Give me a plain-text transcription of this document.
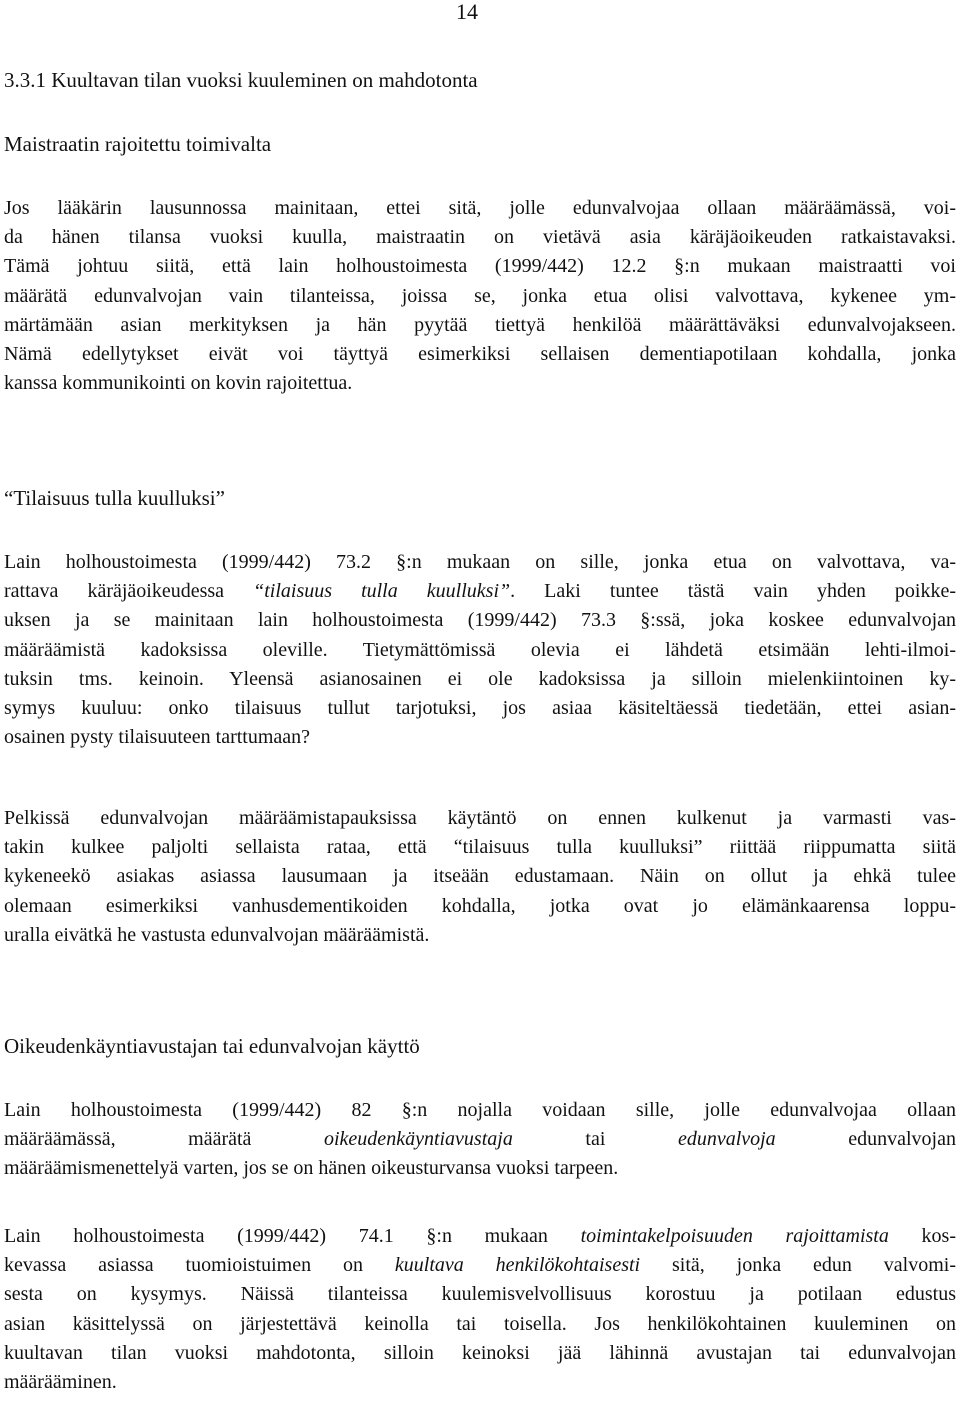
14
3.3.1 Kuultavan tilan vuoksi kuuleminen on mahdotonta
Maistraatin rajoitettu toimivalta
Jos lääkärin lausunnossa mainitaan, ettei sitä, jolle edunvalvojaa ollaan määräämässä, voi-
da hänen tilansa vuoksi kuulla, maistraatin on vietävä asia käräjäoikeuden ratkaistavaksi.
Tämä johtuu siitä, että lain holhoustoimesta (1999/442) 12.2 §:n mukaan maistraatti voi
määrätä edunvalvojan vain tilanteissa, joissa se, jonka etua olisi valvottava, kykenee ym-
märtämään asian merkityksen ja hän pyytää tiettyä henkilöä määrättäväksi edunvalvojakseen.
Nämä edellytykset eivät voi täyttyä esimerkiksi sellaisen dementiapotilaan kohdalla, jonka
kanssa kommunikointi on kovin rajoitettua.
“Tilaisuus tulla kuulluksi”
Lain holhoustoimesta (1999/442) 73.2 §:n mukaan on sille, jonka etua on valvottava, va-
rattava käräjäoikeudessa “tilaisuus tulla kuulluksi”. Laki tuntee tästä vain yhden poikke-
uksen ja se mainitaan lain holhoustoimesta (1999/442) 73.3 §:ssä, joka koskee edunvalvojan
määräämistä kadoksissa oleville. Tietymättömissä olevia ei lähdetä etsimään lehti-ilmoi-
tuksin tms. keinoin. Yleensä asianosainen ei ole kadoksissa ja silloin mielenkiintoinen ky-
symys kuuluu: onko tilaisuus tullut tarjotuksi, jos asiaa käsiteltäessä tiedetään, ettei asian-
osainen pysty tilaisuuteen tarttumaan?
Pelkissä edunvalvojan määräämistapauksissa käytäntö on ennen kulkenut ja varmasti vas-
takin kulkee paljolti sellaista rataa, että “tilaisuus tulla kuulluksi” riittää riippumatta siitä
kykeneekö asiakas asiassa lausumaan ja itseään edustamaan. Näin on ollut ja ehkä tulee
olemaan esimerkiksi vanhusdementikoiden kohdalla, jotka ovat jo elämänkaarensa loppu-
uralla eivätkä he vastusta edunvalvojan määräämistä.
Oikeudenkäyntiavustajan tai edunvalvojan käyttö
Lain holhoustoimesta (1999/442) 82 §:n nojalla voidaan sille, jolle edunvalvojaa ollaan
määräämässä, määrätä oikeudenkäyntiavustaja tai edunvalvoja edunvalvojan
määräämismenettelyä varten, jos se on hänen oikeusturvansa vuoksi tarpeen.
Lain holhoustoimesta (1999/442) 74.1 §:n mukaan toimintakelpoisuuden rajoittamista kos-
kevassa asiassa tuomioistuimen on kuultava henkilökohtaisesti sitä, jonka edun valvomi-
sesta on kysymys. Näissä tilanteissa kuulemisvelvollisuus korostuu ja potilaan edustus
asian käsittelyssä on järjestettävä keinolla tai toisella. Jos henkilökohtainen kuuleminen on
kuultavan tilan vuoksi mahdotonta, silloin keinoksi jää lähinnä avustajan tai edunvalvojan
määrääminen.
